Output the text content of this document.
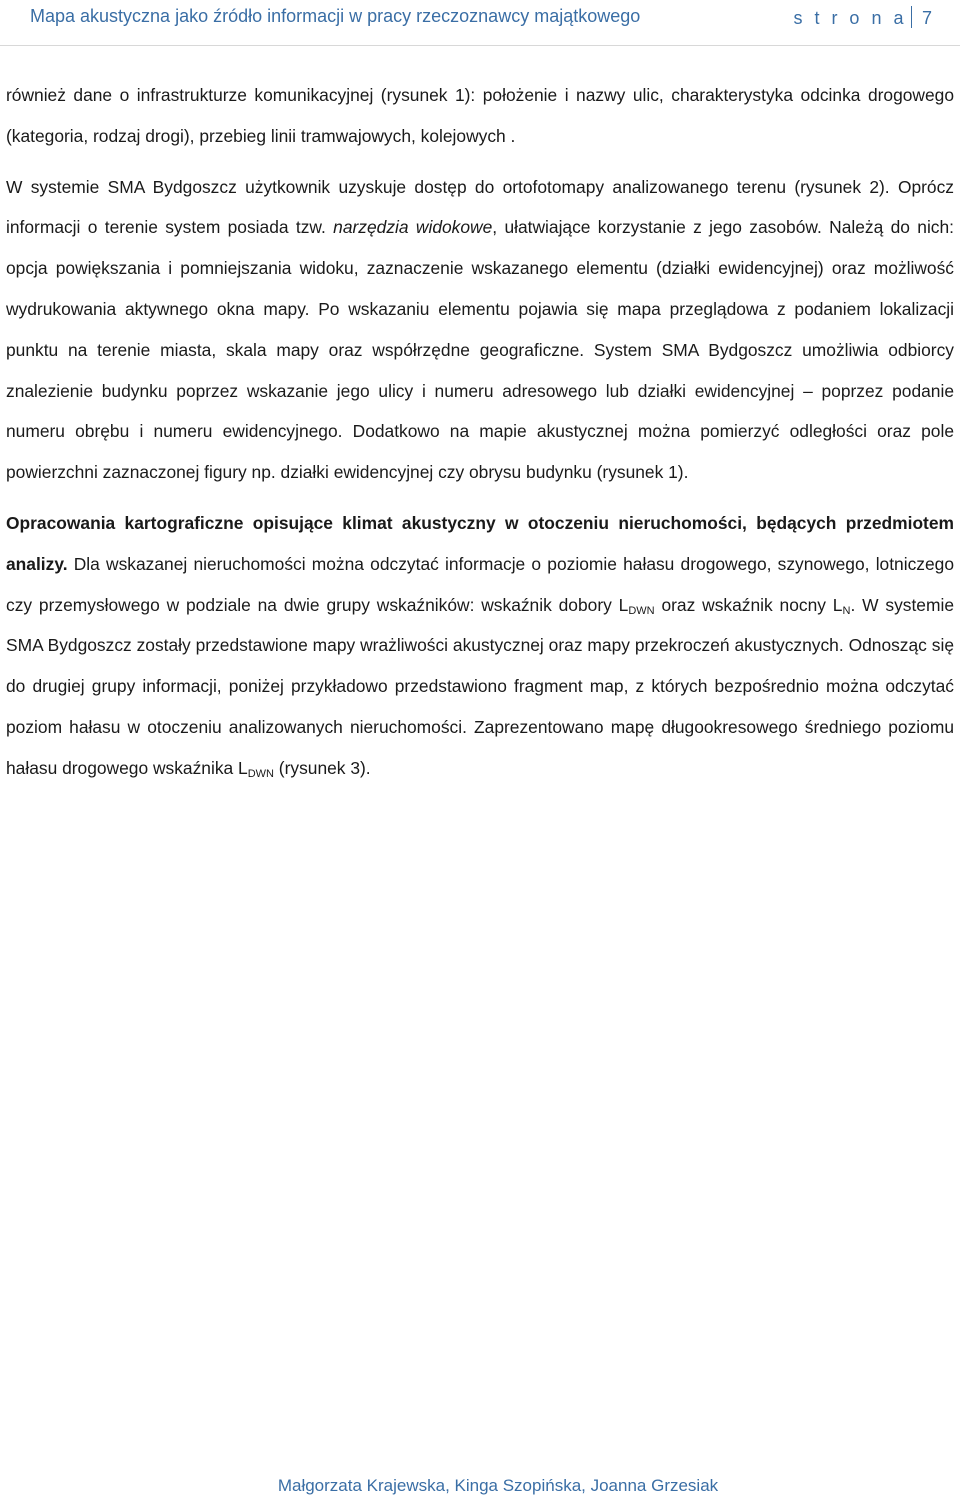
Mapa akustyczna jako źródło informacji w pracy rzeczoznawcy majątkowego	s t r o n a 7

również dane o infrastrukturze komunikacyjnej (rysunek 1): położenie i nazwy ulic, charakterystyka odcinka drogowego (kategoria, rodzaj drogi), przebieg linii tramwajowych, kolejowych .

W systemie SMA Bydgoszcz użytkownik uzyskuje dostęp do ortofotomapy analizowanego terenu (rysunek 2). Oprócz informacji o terenie system posiada tzw. narzędzia widokowe, ułatwiające korzystanie z jego zasobów. Należą do nich: opcja powiększania i pomniejszania widoku, zaznaczenie wskazanego elementu (działki ewidencyjnej) oraz możliwość wydrukowania aktywnego okna mapy. Po wskazaniu elementu pojawia się mapa przeglądowa z podaniem lokalizacji punktu na terenie miasta, skala mapy oraz współrzędne geograficzne. System SMA Bydgoszcz umożliwia odbiorcy znalezienie budynku poprzez wskazanie jego ulicy i numeru adresowego lub działki ewidencyjnej – poprzez podanie numeru obrębu i numeru ewidencyjnego. Dodatkowo na mapie akustycznej można pomierzyć odległości oraz pole powierzchni zaznaczonej figury np. działki ewidencyjnej czy obrysu budynku (rysunek 1).

Opracowania kartograficzne opisujące klimat akustyczny w otoczeniu nieruchomości, będących przedmiotem analizy. Dla wskazanej nieruchomości można odczytać informacje o poziomie hałasu drogowego, szynowego, lotniczego czy przemysłowego w podziale na dwie grupy wskaźników: wskaźnik dobory $L_{DWN}$ oraz wskaźnik nocny $L_N$. W systemie SMA Bydgoszcz zostały przedstawione mapy wrażliwości akustycznej oraz mapy przekroczeń akustycznych. Odnosząc się do drugiej grupy informacji, poniżej przykładowo przedstawiono fragment map, z których bezpośrednio można odczytać poziom hałasu w otoczeniu analizowanych nieruchomości. Zaprezentowano mapę długookresowego średniego poziomu hałasu drogowego wskaźnika $L_{DWN}$ (rysunek 3).

Małgorzata Krajewska, Kinga Szopińska, Joanna Grzesiak
